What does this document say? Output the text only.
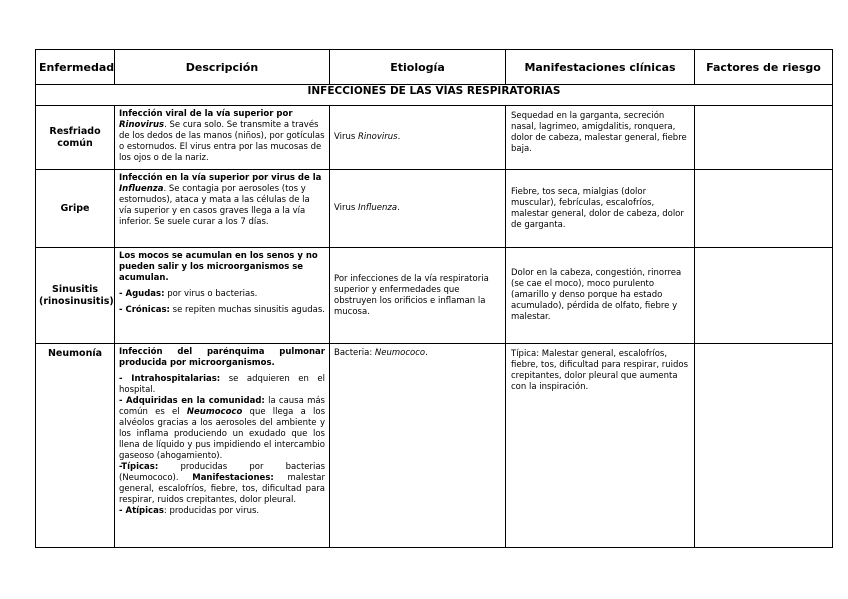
Enfermedad	Descripción	Etiología	Manifestaciones clínicas	Factores de riesgo
INFECCIONES DE LAS VÍAS RESPIRATORIAS				
Resfriado común	Infección viral de la vía superior por Rinovirus. Se cura solo. Se transmite a través de los dedos de las manos (niños), por gotículas o estornudos. El virus entra por las mucosas de los ojos o de la nariz.	Virus Rinovirus.	Sequedad en la garganta, secreción nasal, lagrimeo, amigdalitis, ronquera, dolor de cabeza, malestar general, fiebre baja.	
Gripe	Infección en la vía superior por virus de la Influenza. Se contagia por aerosoles (tos y estornudos), ataca y mata a las células de la vía superior y en casos graves llega a la vía inferior. Se suele curar a los 7 días.	Virus Influenza.	Fiebre, tos seca, mialgias (dolor muscular), febrículas, escalofríos, malestar general, dolor de cabeza, dolor de garganta.	
Sinusitis (rinosinusitis)	Los mocos se acumulan en los senos y no pueden salir y los microorganismos se acumulan.

- Agudas: por virus o bacterias.

- Crónicas: se repiten muchas sinusitis agudas.	Por infecciones de la vía respiratoria superior y enfermedades que obstruyen los orificios e inflaman la mucosa.	Dolor en la cabeza, congestión, rinorrea (se cae el moco), moco purulento (amarillo y denso porque ha estado acumulado), pérdida de olfato, fiebre y malestar.	
Neumonía	Infección del parénquima pulmonar producida por microorganismos.

- Intrahospitalarias: se adquieren en el hospital.
- Adquiridas en la comunidad: la causa más común es el Neumococo que llega a los alvéolos gracias a los aerosoles del ambiente y los inflama produciendo un exudado que los llena de líquido y pus impidiendo el intercambio gaseoso (ahogamiento).
-Típicas: producidas por bacterias (Neumococo). Manifestaciones: malestar general, escalofríos, fiebre, tos, dificultad para respirar, ruidos crepitantes, dolor pleural.
- Atípicas: producidas por virus.	Bacteria: Neumococo.	Típica: Malestar general, escalofríos, fiebre, tos, dificultad para respirar, ruidos crepitantes, dolor pleural que aumenta con la inspiración.	
